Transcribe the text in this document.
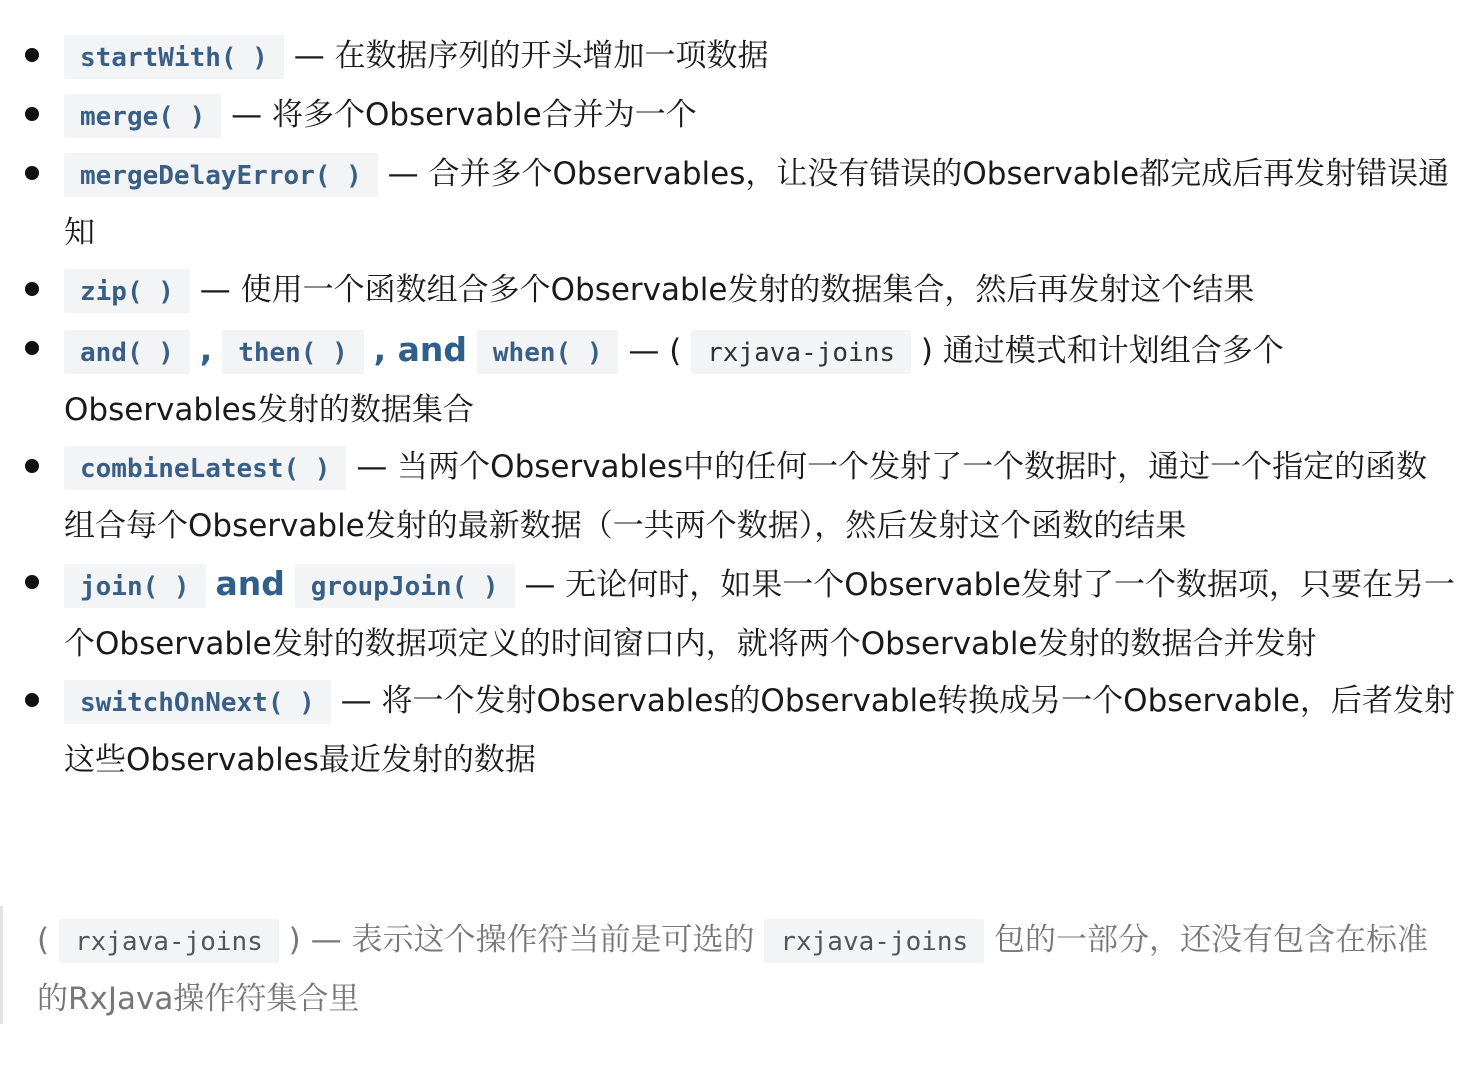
startWith( ) — 在数据序列的开头增加一项数据
merge( ) — 将多个Observable合并为一个
mergeDelayError( ) — 合并多个Observables，让没有错误的Observable都完成后再发射错误通知
zip( ) — 使用一个函数组合多个Observable发射的数据集合，然后再发射这个结果
and( ) , then( ) , and when( ) — ( rxjava-joins ) 通过模式和计划组合多个Observables发射的数据集合
combineLatest( ) — 当两个Observables中的任何一个发射了一个数据时，通过一个指定的函数组合每个Observable发射的最新数据（一共两个数据），然后发射这个函数的结果
join( ) and groupJoin( ) — 无论何时，如果一个Observable发射了一个数据项，只要在另一个Observable发射的数据项定义的时间窗口内，就将两个Observable发射的数据合并发射
switchOnNext( ) — 将一个发射Observables的Observable转换成另一个Observable，后者发射这些Observables最近发射的数据
( rxjava-joins ) — 表示这个操作符当前是可选的 rxjava-joins 包的一部分，还没有包含在标准的RxJava操作符集合里
